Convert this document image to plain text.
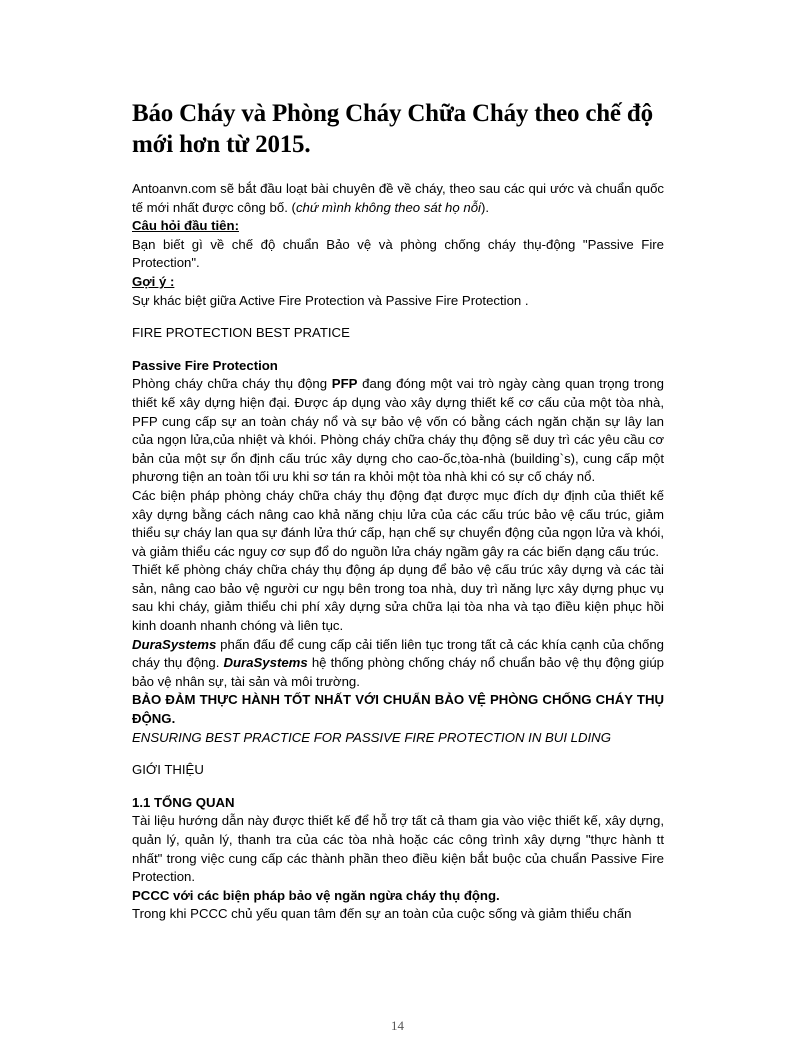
Báo Cháy và Phòng Cháy Chữa Cháy theo chế độ mới hơn từ 2015.

Antoanvn.com sẽ bắt đầu loạt bài chuyên đề về cháy, theo sau các qui ước và chuẩn quốc tế mới nhất được công bố. (chứ mình không theo sát họ nỗi).

Câu hỏi đầu tiên:

Bạn biết gì về chế độ chuẩn Bảo vệ và phòng chống cháy thụ-động "Passive Fire Protection".

Gợi ý :

Sự khác biệt giữa Active Fire Protection và Passive Fire Protection .

FIRE PROTECTION BEST PRATICE

Passive Fire Protection

Phòng cháy chữa cháy thụ động PFP đang đóng một vai trò ngày càng quan trọng trong thiết kế xây dựng hiện đại. Được áp dụng vào xây dựng thiết kế cơ cấu của một tòa nhà, PFP cung cấp sự an toàn cháy nổ và sự bảo vệ vốn có bằng cách ngăn chặn sự lây lan của ngọn lửa,của nhiệt và khói. Phòng cháy chữa cháy thụ động sẽ duy trì các yêu cầu cơ bản của một sự ổn định cấu trúc xây dựng cho cao-ốc,tòa-nhà (building`s), cung cấp một phương tiện an toàn tối ưu khi sơ tán ra khỏi một tòa nhà khi có sự cố cháy nổ.

Các biện pháp phòng cháy chữa cháy thụ động đạt được mục đích dự định của thiết kế xây dựng bằng cách nâng cao khả năng chịu lửa của các cấu trúc bảo vệ cấu trúc, giảm thiểu sự cháy lan qua sự đánh lửa thứ cấp, hạn chế sự chuyển động của ngọn lửa và khói, và giảm thiểu các nguy cơ sụp đổ do nguồn lửa cháy ngầm gây ra các biến dạng cấu trúc.

Thiết kế phòng cháy chữa cháy thụ động áp dụng để bảo vệ cấu trúc xây dựng và các tài sản, nâng cao bảo vệ người cư ngụ bên trong toa nhà, duy trì năng lực xây dựng phục vụ sau khi cháy, giảm thiểu chi phí xây dựng sửa chữa lại tòa nha và tạo điều kiện phục hồi kinh doanh nhanh chóng và liên tục.

DuraSystems phấn đấu để cung cấp cải tiến liên tục trong tất cả các khía cạnh của chống cháy thụ động. DuraSystems hệ thống phòng chống cháy nổ chuẩn bảo vệ thụ động giúp bảo vệ nhân sự, tài sản và môi trường.

BẢO ĐẢM THỰC HÀNH TỐT NHẤT VỚI CHUẨN BẢO VỆ PHÒNG CHỐNG CHÁY THỤ ĐỘNG.

ENSURING BEST PRACTICE FOR PASSIVE FIRE PROTECTION IN BUI LDING

GIỚI THIỆU

1.1 TỔNG QUAN

Tài liệu hướng dẫn này được thiết kế để hỗ trợ tất cả tham gia vào việc thiết kế, xây dựng, quản lý, quản lý, thanh tra của các tòa nhà hoặc các công trình xây dựng "thực hành tt nhất" trong việc cung cấp các thành phần theo điều kiện bắt buộc của chuẩn Passive Fire Protection.

PCCC với các biện pháp bảo vệ ngăn ngừa cháy thụ động.

Trong khi PCCC chủ yếu quan tâm đến sự an toàn của cuộc sống và giảm thiểu chấn

14
